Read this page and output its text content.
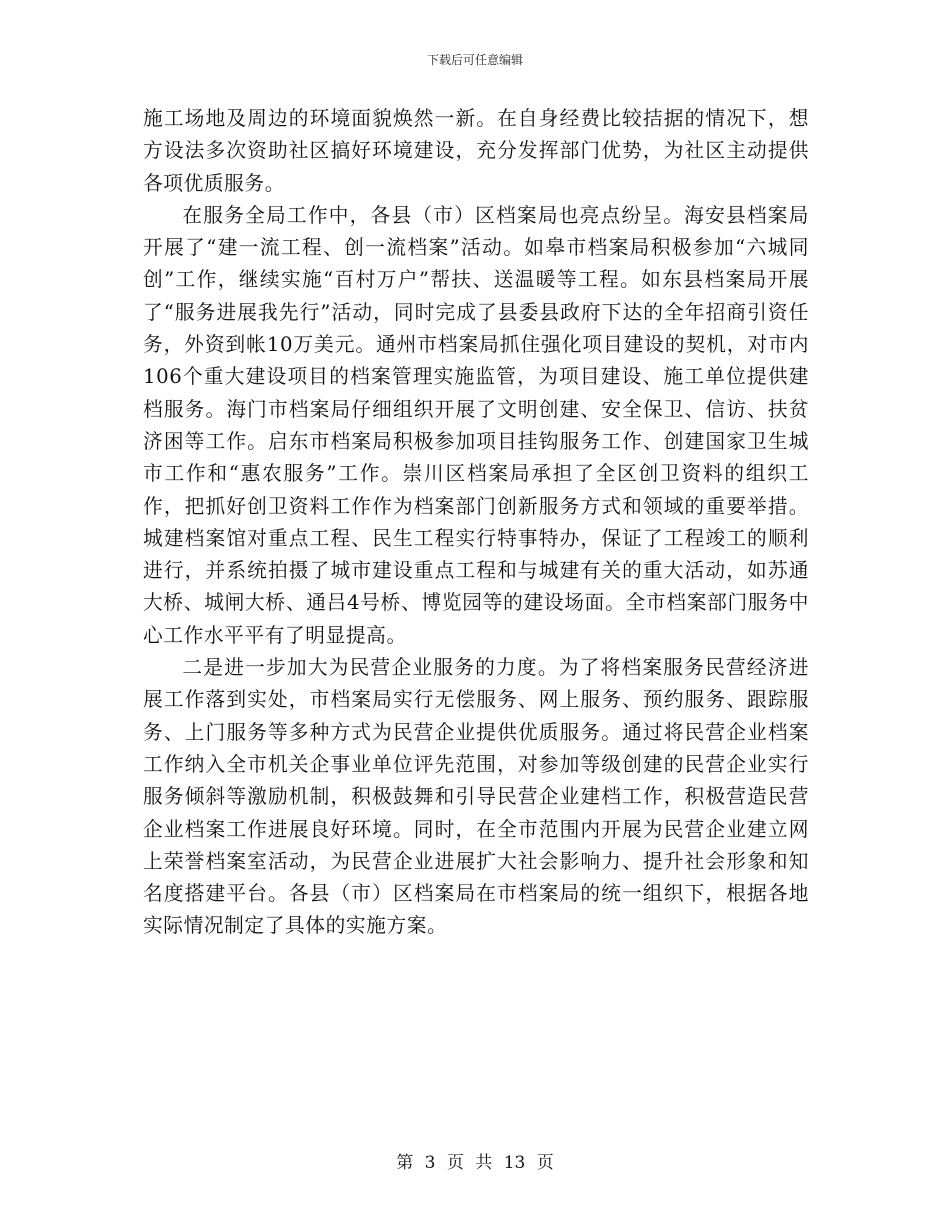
下载后可任意编辑

施工场地及周边的环境面貌焕然一新。在自身经费比较拮据的情况下，想方设法多次资助社区搞好环境建设，充分发挥部门优势，为社区主动提供各项优质服务。

在服务全局工作中，各县（市）区档案局也亮点纷呈。海安县档案局开展了“建一流工程、创一流档案”活动。如皋市档案局积极参加“六城同创”工作，继续实施“百村万户”帮扶、送温暖等工程。如东县档案局开展了“服务进展我先行”活动，同时完成了县委县政府下达的全年招商引资任务，外资到帐10万美元。通州市档案局抓住强化项目建设的契机，对市内106个重大建设项目的档案管理实施监管，为项目建设、施工单位提供建档服务。海门市档案局仔细组织开展了文明创建、安全保卫、信访、扶贫济困等工作。启东市档案局积极参加项目挂钩服务工作、创建国家卫生城市工作和“惠农服务”工作。崇川区档案局承担了全区创卫资料的组织工作，把抓好创卫资料工作作为档案部门创新服务方式和领域的重要举措。城建档案馆对重点工程、民生工程实行特事特办，保证了工程竣工的顺利进行，并系统拍摄了城市建设重点工程和与城建有关的重大活动，如苏通大桥、城闸大桥、通吕4号桥、博览园等的建设场面。全市档案部门服务中心工作水平平有了明显提高。

二是进一步加大为民营企业服务的力度。为了将档案服务民营经济进展工作落到实处，市档案局实行无偿服务、网上服务、预约服务、跟踪服务、上门服务等多种方式为民营企业提供优质服务。通过将民营企业档案工作纳入全市机关企事业单位评先范围，对参加等级创建的民营企业实行服务倾斜等激励机制，积极鼓舞和引导民营企业建档工作，积极营造民营企业档案工作进展良好环境。同时，在全市范围内开展为民营企业建立网上荣誉档案室活动，为民营企业进展扩大社会影响力、提升社会形象和知名度搭建平台。各县（市）区档案局在市档案局的统一组织下，根据各地实际情况制定了具体的实施方案。

第 3 页 共 13 页
